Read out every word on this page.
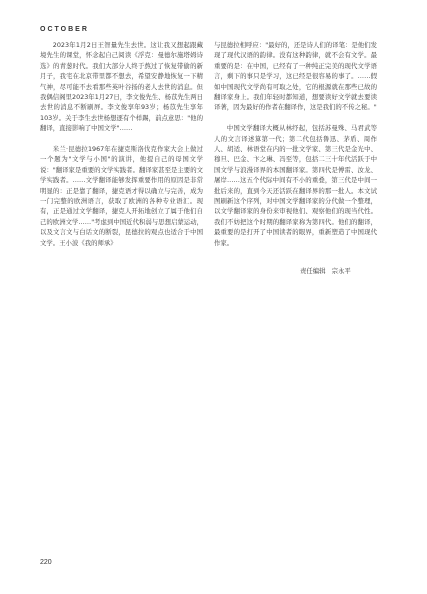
OCTOBER

2023年1月2日王智量先生去世。这让我又想起跟藏境先生的课堂，怀念起自己阅读《浮克：曼德尔施塔姆诗选》的青葱时代。我们大部分人终于熬过了恢复带偷的新月子，我宅在北京带里都不想去，希望安静地恢复一下精气神，尽可能不去看那些英叶谷扬的老人去世的消息。但我偶信阁里2023年1月27日，李文俊先生、杨苡先生两日去世的消息不断刷屏。李文俊享年93岁；杨苡先生享年103岁。关于李生去世杨想逐有个样踢，前点意思："他的翻译，直接影响了中国文学"……

米兰·昆德拉1967年在捷克斯洛伐克作家大会上做过一个题为"文学与小国"的演讲，他提自己的母国文学说："翻译家是重要的文学实践者。翻译家甚至是主要的文学实践者。……文学翻译能够发挥重要作用的原因是非常明显的：正是靠了翻译，捷克语才得以确立与完善，成为一门完整的欧洲语言，获取了欧洲的各种专业语汇。现有，正是通过文学翻译，捷克人开拓地创立了属于他们自己的欧洲文学……"考虑到中国近代积弱与思想启蒙运动，以及文言文与白话文的断裂，昆德拉的观点也适合于中国文学。王小波《我的师承》

与昆德拉相呼应："最好的，还是诗人们的译笔：是他们发现了现代汉语的韵律。没有这种韵律，就不会有文学。最重要的是：在中国，已经有了一种纯正完美的现代文学语言，剩下的事只是学习，这已经是很容易的事了。……假如中国现代文学尚有可取之处，它的根源就在那些已故的翻译家身上。我们年轻时都知道，想要读好文学就去要读译著，因为最好的作者在翻译作，这是我们的不传之秘。"

中国文学翻译大概从林纾起，包括苏曼殊、马君武等人的文言译述算第一代；第二代包括鲁迅、茅盾、周作人、胡适、林语堂在内的一批文学家、第三代是金光中、穆旦、巴金、卞之琳、冯至等，包括二三十年代活跃于中国文学与浪漫译界的本国翻译家。第四代是傅雷、汝龙、屠岸……这五个代际中间有不小的重叠，第三代是中间一批后来的，直到今天还活跃在翻译界的那一批人。本文试图刷新这个序列，对中国文学翻译家的分代做一个整理，以文学翻译家的身份来审视他们、观察他们的现当代性。我们不妨把这个时期的翻译家称为第四代。他们的翻译，最重要的是打开了中国读者的眼界，重新塑造了中国现代作家。

责任编辑 宗永平
220
